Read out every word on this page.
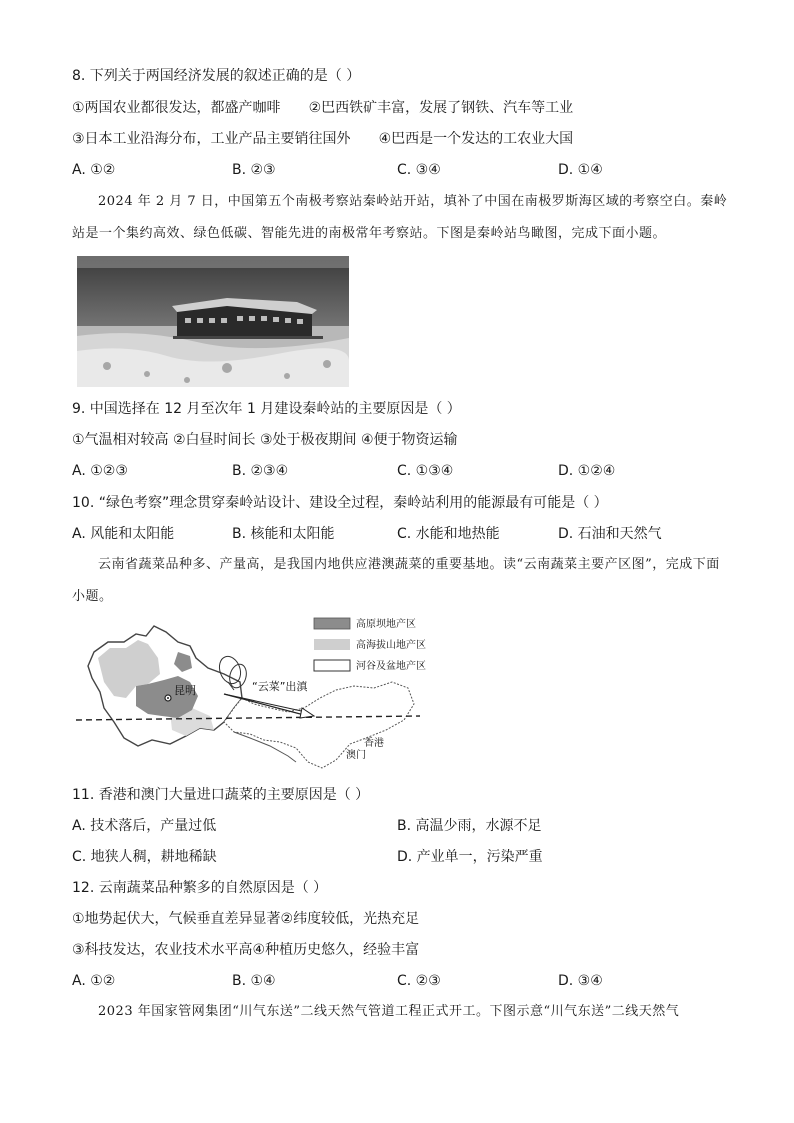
8. 下列关于两国经济发展的叙述正确的是（ ）
①两国农业都很发达，都盛产咖啡 ②巴西铁矿丰富，发展了钢铁、汽车等工业
③日本工业沿海分布，工业产品主要销往国外 ④巴西是一个发达的工农业大国
A. ①②	B. ②③	C. ③④	D. ①④
2024 年 2 月 7 日，中国第五个南极考察站秦岭站开站，填补了中国在南极罗斯海区域的考察空白。秦岭站是一个集约高效、绿色低碳、智能先进的南极常年考察站。下图是秦岭站鸟瞰图，完成下面小题。
9. 中国选择在 12 月至次年 1 月建设秦岭站的主要原因是（ ）
①气温相对较高 ②白昼时间长 ③处于极夜期间 ④便于物资运输
A. ①②③	B. ②③④	C. ①③④	D. ①②④
10. “绿色考察”理念贯穿秦岭站设计、建设全过程，秦岭站利用的能源最有可能是（ ）
A. 风能和太阳能	B. 核能和太阳能	C. 水能和地热能	D. 石油和天然气
云南省蔬菜品种多、产量高，是我国内地供应港澳蔬菜的重要基地。读“云南蔬菜主要产区图”，完成下面小题。
昆明	“云菜”出滇
香港
澳门
高原坝地产区
高海拔山地产区
河谷及盆地产区
11. 香港和澳门大量进口蔬菜的主要原因是（ ）
A. 技术落后，产量过低	B. 高温少雨，水源不足
C. 地狭人稠，耕地稀缺	D. 产业单一，污染严重
12. 云南蔬菜品种繁多的自然原因是（ ）
①地势起伏大，气候垂直差异显著②纬度较低，光热充足
③科技发达，农业技术水平高④种植历史悠久，经验丰富
A. ①②	B. ①④	C. ②③	D. ③④
2023 年国家管网集团“川气东送”二线天然气管道工程正式开工。下图示意“川气东送”二线天然气
